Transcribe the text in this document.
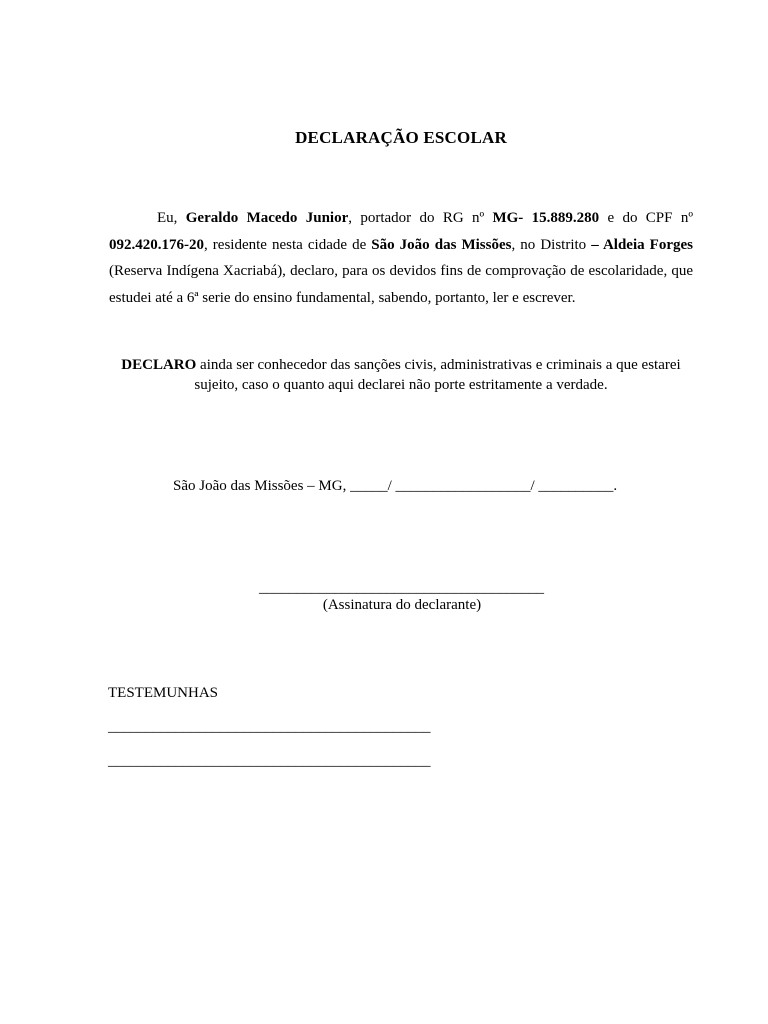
DECLARAÇÃO ESCOLAR

Eu, Geraldo Macedo Junior, portador do RG nº MG- 15.889.280 e do CPF nº 092.420.176-20, residente nesta cidade de São João das Missões, no Distrito – Aldeia Forges (Reserva Indígena Xacriabá), declaro, para os devidos fins de comprovação de escolaridade, que estudei até a 6ª serie do ensino fundamental, sabendo, portanto, ler e escrever.

DECLARO ainda ser conhecedor das sanções civis, administrativas e criminais a que estarei sujeito, caso o quanto aqui declarei não porte estritamente a verdade.

São João das Missões – MG, _____/ __________________/ __________.
______________________________________
(Assinatura do declarante)
TESTEMUNHAS
___________________________________________
___________________________________________
